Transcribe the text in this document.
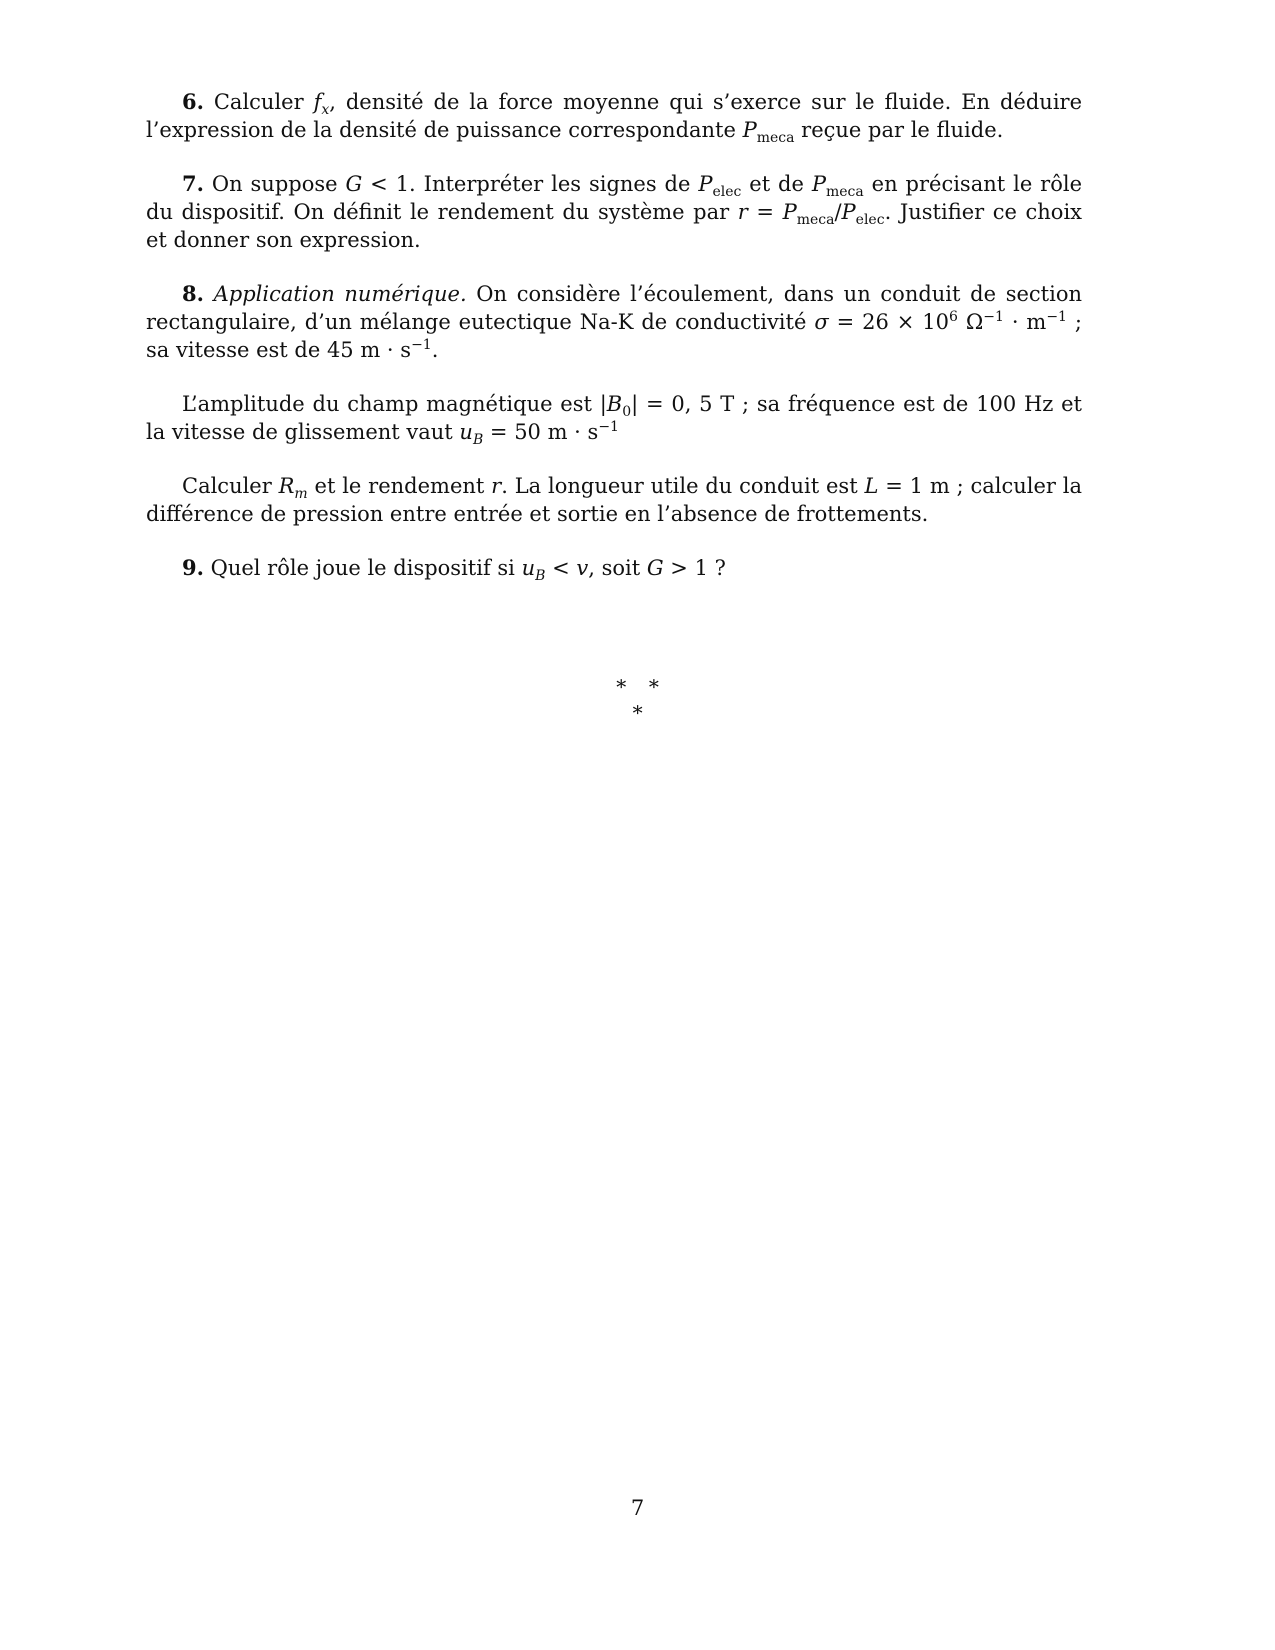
6. Calculer $f_x$, densité de la force moyenne qui s’exerce sur le fluide. En déduire l’expression de la densité de puissance correspondante $P_{meca}$ reçue par le fluide.

7. On suppose G < 1. Interpréter les signes de $P_{elec}$ et de $P_{meca}$ en précisant le rôle du dispositif. On définit le rendement du système par $r = P_{meca}/P_{elec}$. Justifier ce choix et donner son expression.

8. Application numérique. On considère l’écoulement, dans un conduit de section rectangulaire, d’un mélange eutectique Na-K de conductivité $\sigma = 26 \times 10^6$ $\Omega^{-1} \cdot m^{-1}$ ; sa vitesse est de 45 $m \cdot s^{-1}$.

L’amplitude du champ magnétique est $|B_0| = 0$, 5 T ; sa fréquence est de 100 Hz et la vitesse de glissement vaut $u_B = 50$ $m \cdot s^{-1}$

Calculer $R_m$ et le rendement r. La longueur utile du conduit est L = 1 m ; calculer la différence de pression entre entrée et sortie en l’absence de frottements.

9. Quel rôle joue le dispositif si $u_B < v$, soit G > 1 ?

∗   ∗
∗
7
